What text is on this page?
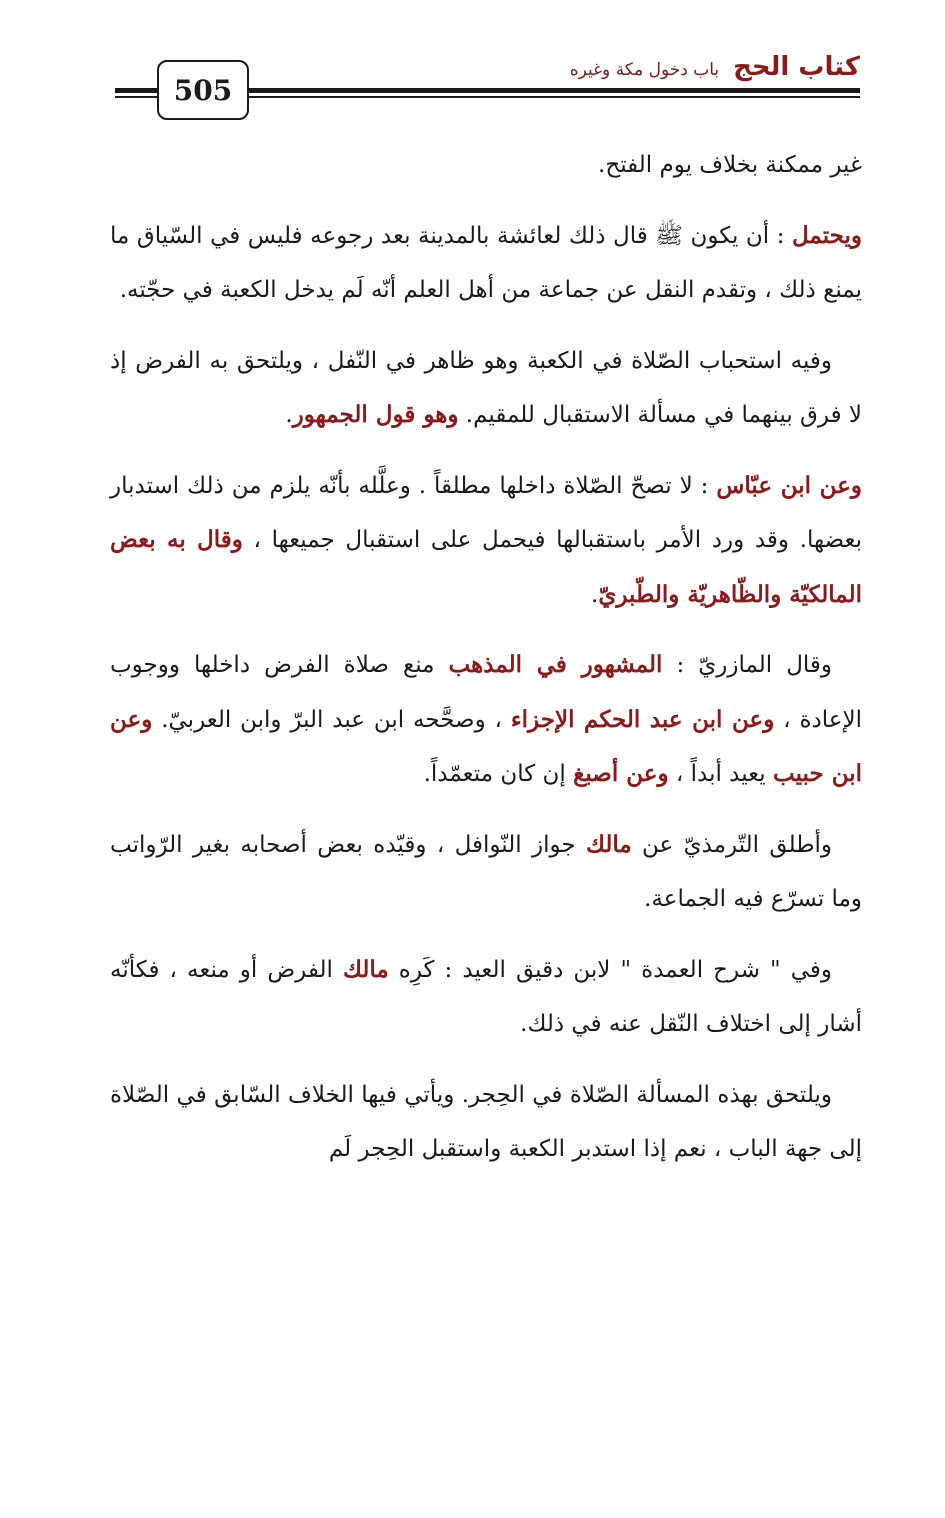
كتاب الحج
باب دخول مكة وغيره
505

غير ممكنة بخلاف يوم الفتح.

ويحتمل : أن يكون ﷺ قال ذلك لعائشة بالمدينة بعد رجوعه فليس في السّياق ما يمنع ذلك ، وتقدم النقل عن جماعة من أهل العلم أنّه لَم يدخل الكعبة في حجّته.

وفيه استحباب الصّلاة في الكعبة وهو ظاهر في النّفل ، ويلتحق به الفرض إذ لا فرق بينهما في مسألة الاستقبال للمقيم. وهو قول الجمهور.

وعن ابن عبّاس : لا تصحّ الصّلاة داخلها مطلقاً . وعلَّله بأنّه يلزم من ذلك استدبار بعضها. وقد ورد الأمر باستقبالها فيحمل على استقبال جميعها ، وقال به بعض المالكيّة والظّاهريّة والطّبريّ.

وقال المازريّ : المشهور في المذهب منع صلاة الفرض داخلها ووجوب الإعادة ، وعن ابن عبد الحكم الإجزاء ، وصحَّحه ابن عبد البرّ وابن العربيّ. وعن ابن حبيب يعيد أبداً ، وعن أصبغ إن كان متعمّداً.

وأطلق التّرمذيّ عن مالك جواز النّوافل ، وقيّده بعض أصحابه بغير الرّواتب وما تسرّع فيه الجماعة.

وفي " شرح العمدة " لابن دقيق العيد : كَرِه مالك الفرض أو منعه ، فكأنّه أشار إلى اختلاف النّقل عنه في ذلك.

ويلتحق بهذه المسألة الصّلاة في الحِجر. ويأتي فيها الخلاف السّابق في الصّلاة إلى جهة الباب ، نعم إذا استدبر الكعبة واستقبل الحِجر لَم
